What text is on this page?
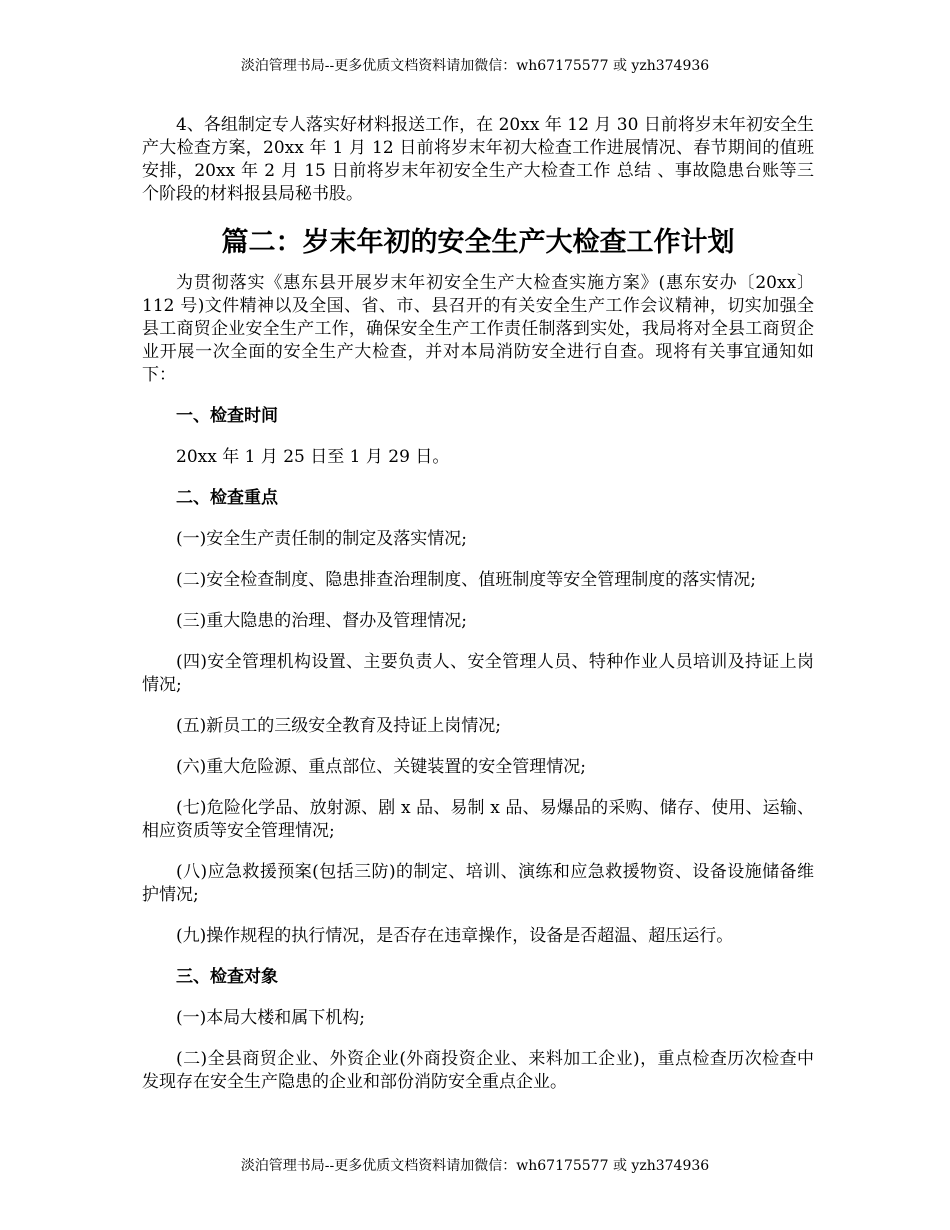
淡泊管理书局--更多优质文档资料请加微信：wh67175577 或 yzh374936

4、各组制定专人落实好材料报送工作，在 20xx 年 12 月 30 日前将岁末年初安全生产大检查方案，20xx 年 1 月 12 日前将岁末年初大检查工作进展情况、春节期间的值班安排，20xx 年 2 月 15 日前将岁末年初安全生产大检查工作 总结 、事故隐患台账等三个阶段的材料报县局秘书股。

篇二：岁末年初的安全生产大检查工作计划

为贯彻落实《惠东县开展岁末年初安全生产大检查实施方案》(惠东安办〔20xx〕112 号)文件精神以及全国、省、市、县召开的有关安全生产工作会议精神，切实加强全县工商贸企业安全生产工作，确保安全生产工作责任制落到实处，我局将对全县工商贸企业开展一次全面的安全生产大检查，并对本局消防安全进行自查。现将有关事宜通知如下：

一、检查时间

20xx 年 1 月 25 日至 1 月 29 日。

二、检查重点

(一)安全生产责任制的制定及落实情况;

(二)安全检查制度、隐患排查治理制度、值班制度等安全管理制度的落实情况;

(三)重大隐患的治理、督办及管理情况;

(四)安全管理机构设置、主要负责人、安全管理人员、特种作业人员培训及持证上岗情况;

(五)新员工的三级安全教育及持证上岗情况;

(六)重大危险源、重点部位、关键装置的安全管理情况;

(七)危险化学品、放射源、剧 x 品、易制 x 品、易爆品的采购、储存、使用、运输、相应资质等安全管理情况;

(八)应急救援预案(包括三防)的制定、培训、演练和应急救援物资、设备设施储备维护情况;

(九)操作规程的执行情况，是否存在违章操作，设备是否超温、超压运行。

三、检查对象

(一)本局大楼和属下机构;

(二)全县商贸企业、外资企业(外商投资企业、来料加工企业)，重点检查历次检查中发现存在安全生产隐患的企业和部份消防安全重点企业。

淡泊管理书局--更多优质文档资料请加微信：wh67175577 或 yzh374936
